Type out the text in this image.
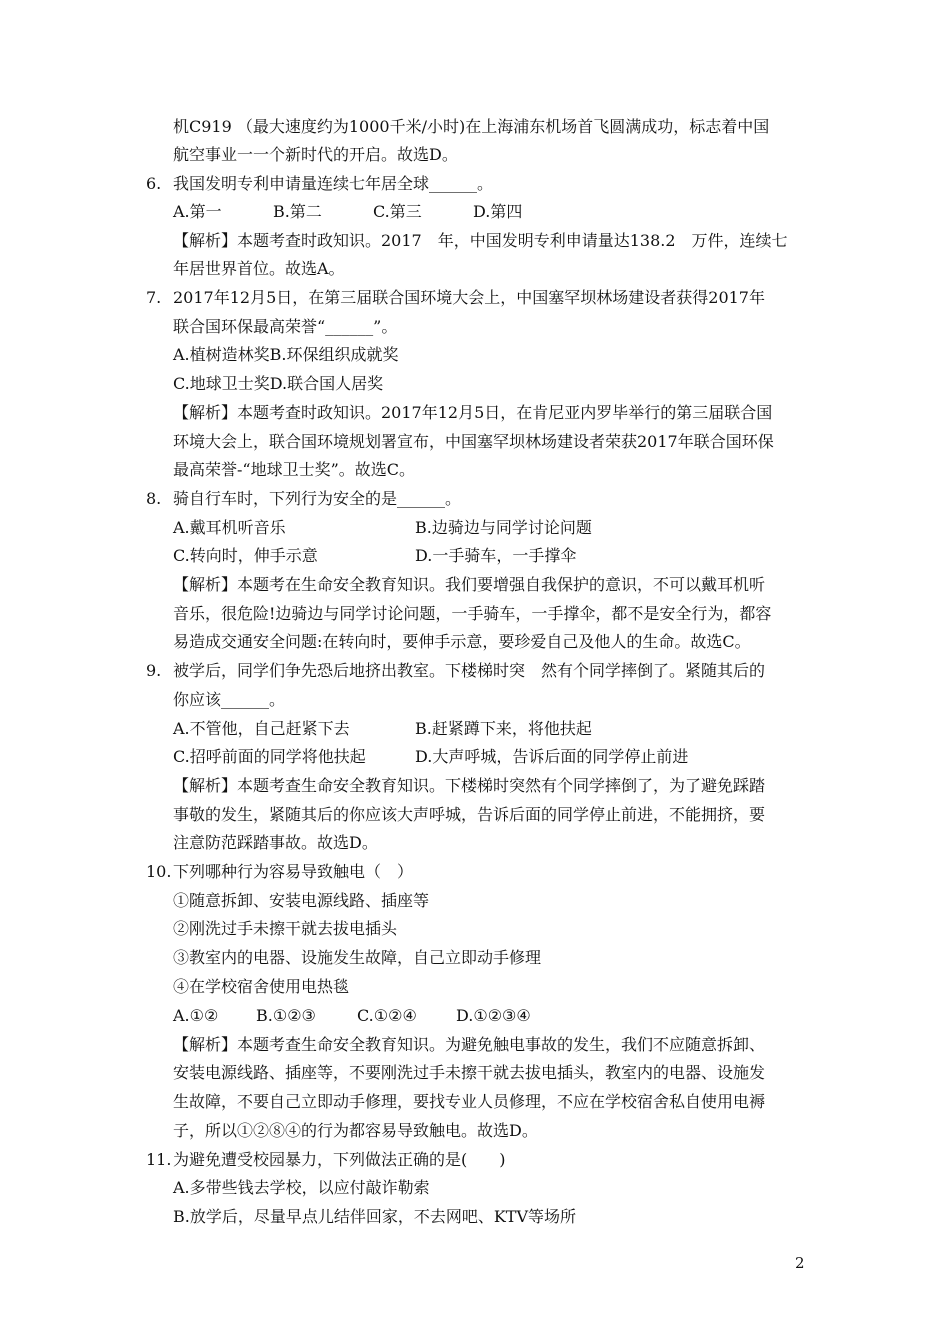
机C919 （最大速度约为1000千米/小时)在上海浦东机场首飞圆满成功，标志着中国
航空事业一一个新时代的开启。故选D。
6. 我国发明专利申请量连续七年居全球______。
A.第一	B.第二	C.第三	D.第四
【解析】本题考查时政知识。2017　年，中国发明专利申请量达138.2　万件，连续七
年居世界首位。故选A。
7. 2017年12月5日，在第三届联合国环境大会上，中国塞罕坝林场建设者获得2017年
联合国环保最高荣誉“______”。
A.植树造林奖B.环保组织成就奖
C.地球卫士奖D.联合国人居奖
【解析】本题考查时政知识。2017年12月5日，在肯尼亚内罗毕举行的第三届联合国
环境大会上，联合国环境规划署宣布，中国塞罕坝林场建设者荣获2017年联合国环保
最高荣誉-“地球卫士奖”。故选C。
8. 骑自行车时，下列行为安全的是______。
A.戴耳机听音乐	B.边骑边与同学讨论问题
C.转向时，伸手示意	D.一手骑车，一手撑伞
【解析】本题考在生命安全教育知识。我们要增强自我保护的意识，不可以戴耳机听
音乐，很危险!边骑边与同学讨论问题，一手骑车，一手撑伞，都不是安全行为，都容
易造成交通安全问题:在转向时，要伸手示意，要珍爱自己及他人的生命。故选C。
9. 被学后，同学们争先恐后地挤出教室。下楼梯时突　然有个同学摔倒了。紧随其后的
你应该______。
A.不管他，自己赶紧下去	B.赶紧蹲下来，将他扶起
C.招呼前面的同学将他扶起	D.大声呼城，告诉后面的同学停止前进
【解析】本题考查生命安全教育知识。下楼梯时突然有个同学摔倒了，为了避免踩踏
事敬的发生，紧随其后的你应该大声呼城，告诉后面的同学停止前进，不能拥挤，要
注意防范踩踏事故。故选D。
10. 下列哪种行为容易导致触电（　）
①随意拆卸、安装电源线路、插座等
②刚洗过手未擦干就去拔电插头
③教室内的电器、设施发生故障，自己立即动手修理
④在学校宿舍使用电热毯
A.①② B.①②③	C.①②④ D.①②③④
【解析】本题考查生命安全教育知识。为避免触电事故的发生，我们不应随意拆卸、
安装电源线路、插座等，不要刚洗过手未擦干就去拔电插头，教室内的电器、设施发
生故障，不要自己立即动手修理，要找专业人员修理，不应在学校宿舍私自使用电褥
子，所以①②⑧④的行为都容易导致触电。故选D。
11. 为避免遭受校园暴力，下列做法正确的是(　　)
A.多带些钱去学校，以应付敲诈勒索
B.放学后，尽量早点儿结伴回家，不去网吧、KTV等场所
2
